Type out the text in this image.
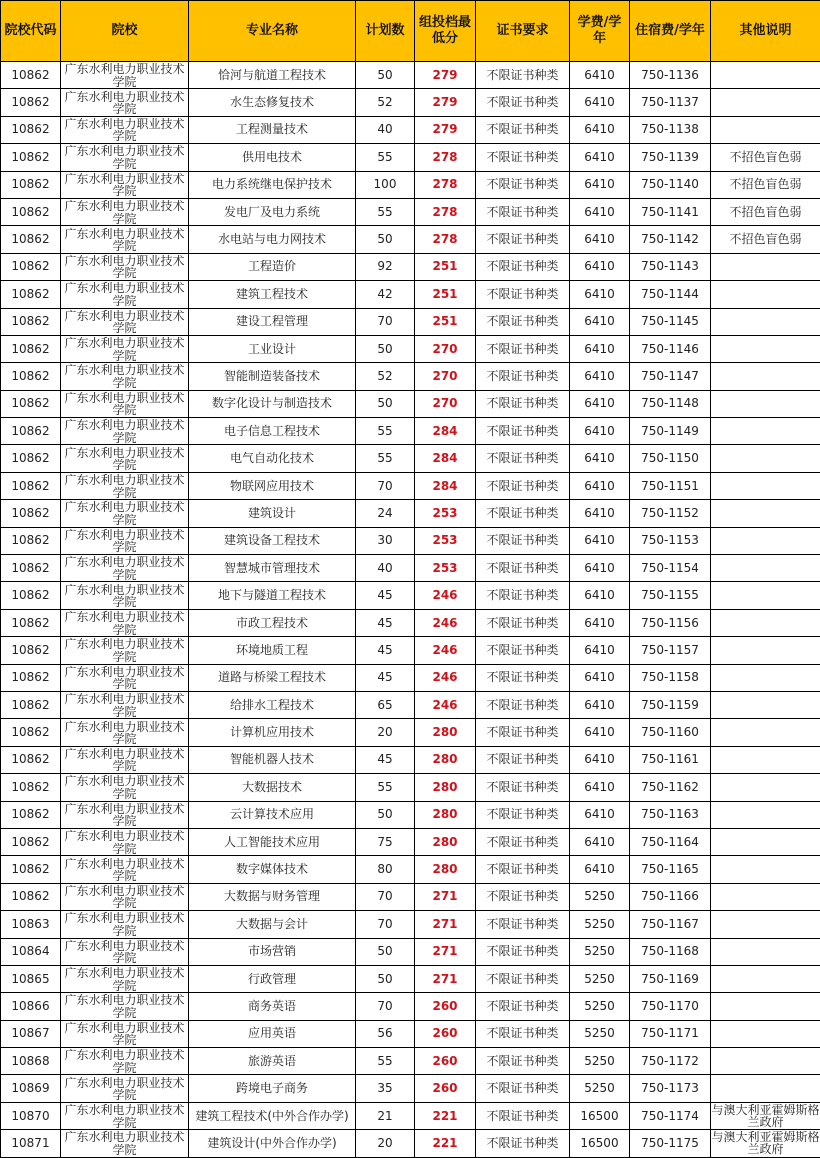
院校代码	院校	专业名称	计划数	组投档最低分	证书要求	学费/学年	住宿费/学年	其他说明
10862	广东水利电力职业技术学院	恰河与航道工程技术	50	279	不限证书种类	6410	750-1136	

10862	广东水利电力职业技术学院	水生态修复技术	52	279	不限证书种类	6410	750-1137	

10862	广东水利电力职业技术学院	工程测量技术	40	279	不限证书种类	6410	750-1138	

10862	广东水利电力职业技术学院	供用电技术	55	278	不限证书种类	6410	750-1139	不招色盲色弱

10862	广东水利电力职业技术学院	电力系统继电保护技术	100	278	不限证书种类	6410	750-1140	不招色盲色弱

10862	广东水利电力职业技术学院	发电厂及电力系统	55	278	不限证书种类	6410	750-1141	不招色盲色弱

10862	广东水利电力职业技术学院	水电站与电力网技术	50	278	不限证书种类	6410	750-1142	不招色盲色弱

10862	广东水利电力职业技术学院	工程造价	92	251	不限证书种类	6410	750-1143	

10862	广东水利电力职业技术学院	建筑工程技术	42	251	不限证书种类	6410	750-1144	

10862	广东水利电力职业技术学院	建设工程管理	70	251	不限证书种类	6410	750-1145	

10862	广东水利电力职业技术学院	工业设计	50	270	不限证书种类	6410	750-1146	

10862	广东水利电力职业技术学院	智能制造装备技术	52	270	不限证书种类	6410	750-1147	

10862	广东水利电力职业技术学院	数字化设计与制造技术	50	270	不限证书种类	6410	750-1148	

10862	广东水利电力职业技术学院	电子信息工程技术	55	284	不限证书种类	6410	750-1149	

10862	广东水利电力职业技术学院	电气自动化技术	55	284	不限证书种类	6410	750-1150	

10862	广东水利电力职业技术学院	物联网应用技术	70	284	不限证书种类	6410	750-1151	

10862	广东水利电力职业技术学院	建筑设计	24	253	不限证书种类	6410	750-1152	

10862	广东水利电力职业技术学院	建筑设备工程技术	30	253	不限证书种类	6410	750-1153	

10862	广东水利电力职业技术学院	智慧城市管理技术	40	253	不限证书种类	6410	750-1154	

10862	广东水利电力职业技术学院	地下与隧道工程技术	45	246	不限证书种类	6410	750-1155	

10862	广东水利电力职业技术学院	市政工程技术	45	246	不限证书种类	6410	750-1156	

10862	广东水利电力职业技术学院	环境地质工程	45	246	不限证书种类	6410	750-1157	

10862	广东水利电力职业技术学院	道路与桥梁工程技术	45	246	不限证书种类	6410	750-1158	

10862	广东水利电力职业技术学院	给排水工程技术	65	246	不限证书种类	6410	750-1159	

10862	广东水利电力职业技术学院	计算机应用技术	20	280	不限证书种类	6410	750-1160	

10862	广东水利电力职业技术学院	智能机器人技术	45	280	不限证书种类	6410	750-1161	

10862	广东水利电力职业技术学院	大数据技术	55	280	不限证书种类	6410	750-1162	

10862	广东水利电力职业技术学院	云计算技术应用	50	280	不限证书种类	6410	750-1163	

10862	广东水利电力职业技术学院	人工智能技术应用	75	280	不限证书种类	6410	750-1164	

10862	广东水利电力职业技术学院	数字媒体技术	80	280	不限证书种类	6410	750-1165	

10862	广东水利电力职业技术学院	大数据与财务管理	70	271	不限证书种类	5250	750-1166	

10863	广东水利电力职业技术学院	大数据与会计	70	271	不限证书种类	5250	750-1167	

10864	广东水利电力职业技术学院	市场营销	50	271	不限证书种类	5250	750-1168	

10865	广东水利电力职业技术学院	行政管理	50	271	不限证书种类	5250	750-1169	

10866	广东水利电力职业技术学院	商务英语	70	260	不限证书种类	5250	750-1170	

10867	广东水利电力职业技术学院	应用英语	56	260	不限证书种类	5250	750-1171	

10868	广东水利电力职业技术学院	旅游英语	55	260	不限证书种类	5250	750-1172	

10869	广东水利电力职业技术学院	跨境电子商务	35	260	不限证书种类	5250	750-1173	

10870	广东水利电力职业技术学院	建筑工程技术(中外合作办学)	21	221	不限证书种类	16500	750-1174	与澳大利亚霍姆斯格兰政府

10871	广东水利电力职业技术学院	建筑设计(中外合作办学)	20	221	不限证书种类	16500	750-1175	与澳大利亚霍姆斯格兰政府
